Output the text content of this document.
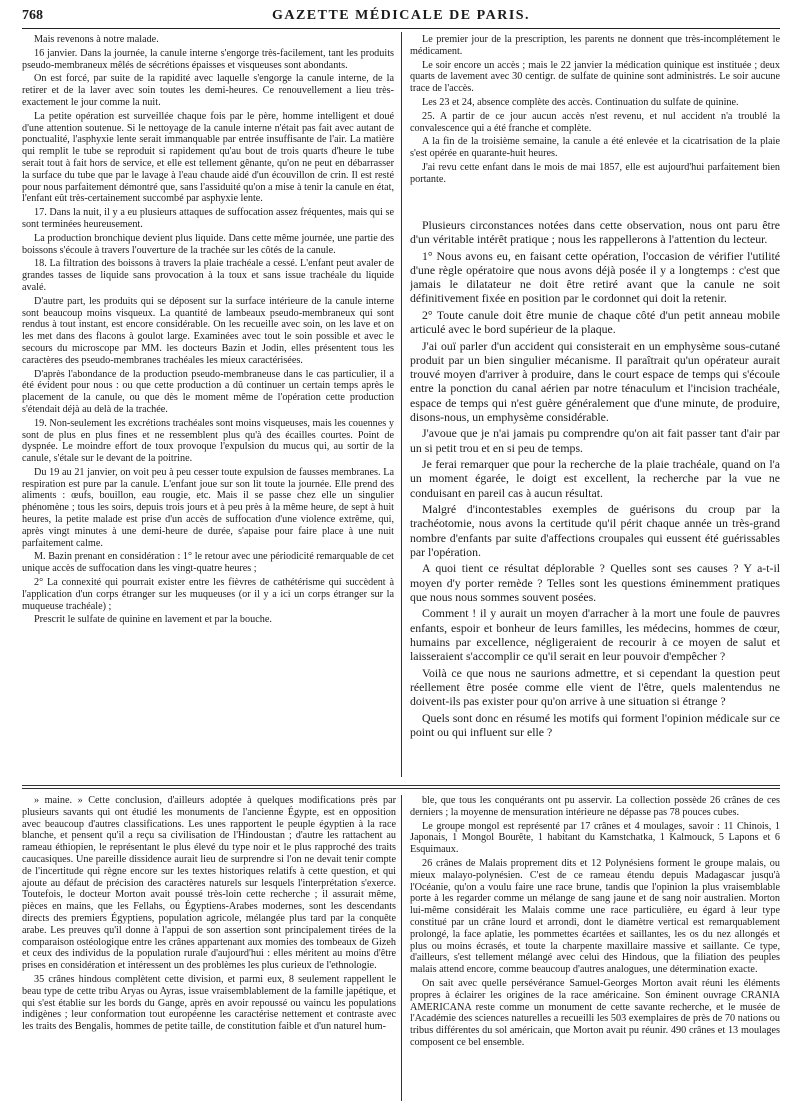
768	GAZETTE MÉDICALE DE PARIS.

Mais revenons à notre malade.

16 janvier. Dans la journée, la canule interne s'engorge très-facilement, tant les produits pseudo-membraneux mêlés de sécrétions épaisses et visqueuses sont abondants.

On est forcé, par suite de la rapidité avec laquelle s'engorge la canule interne, de la retirer et de la laver avec soin toutes les demi-heures. Ce renouvellement a lieu très-exactement le jour comme la nuit.

La petite opération est surveillée chaque fois par le père, homme intelligent et doué d'une attention soutenue. Si le nettoyage de la canule interne n'était pas fait avec autant de ponctualité, l'asphyxie lente serait immanquable par entrée insuffisante de l'air. La matière qui remplit le tube se reproduit si rapidement qu'au bout de trois quarts d'heure le tube serait tout à fait hors de service, et elle est tellement gênante, qu'on ne peut en débarrasser la surface du tube que par le lavage à l'eau chaude aidé d'un écouvillon de crin. Il est resté pour nous parfaitement démontré que, sans l'assiduité qu'on a mise à tenir la canule en état, l'enfant eût très-certainement succombé par asphyxie lente.

17. Dans la nuit, il y a eu plusieurs attaques de suffocation assez fréquentes, mais qui se sont terminées heureusement.

La production bronchique devient plus liquide. Dans cette même journée, une partie des boissons s'écoule à travers l'ouverture de la trachée sur les côtés de la canule.

18. La filtration des boissons à travers la plaie trachéale a cessé. L'enfant peut avaler de grandes tasses de liquide sans provocation à la toux et sans issue trachéale du liquide avalé.

D'autre part, les produits qui se déposent sur la surface intérieure de la canule interne sont beaucoup moins visqueux. La quantité de lambeaux pseudo-membraneux qui sont rendus à tout instant, est encore considérable. On les recueille avec soin, on les lave et on les met dans des flacons à goulot large. Examinées avec tout le soin possible et avec le secours du microscope par MM. les docteurs Bazin et Jodin, elles présentent tous les caractères des pseudo-membranes trachéales les mieux caractérisées.

D'après l'abondance de la production pseudo-membraneuse dans le cas particulier, il a été évident pour nous : ou que cette production a dû continuer un certain temps après le placement de la canule, ou que dès le moment même de l'opération cette production s'étendait déjà au delà de la trachée.

19. Non-seulement les excrétions trachéales sont moins visqueuses, mais les couennes y sont de plus en plus fines et ne ressemblent plus qu'à des écailles courtes. Point de dyspnée. Le moindre effort de toux provoque l'expulsion du mucus qui, au sortir de la canule, s'étale sur le devant de la poitrine.

Du 19 au 21 janvier, on voit peu à peu cesser toute expulsion de fausses membranes. La respiration est pure par la canule. L'enfant joue sur son lit toute la journée. Elle prend des aliments : œufs, bouillon, eau rougie, etc. Mais il se passe chez elle un singulier phénomène ; tous les soirs, depuis trois jours et à peu près à la même heure, de sept à huit heures, la petite malade est prise d'un accès de suffocation d'une violence extrême, qui, après vingt minutes à une demi-heure de durée, s'apaise pour faire place à une nuit parfaitement calme.

M. Bazin prenant en considération : 1° le retour avec une périodicité remarquable de cet unique accès de suffocation dans les vingt-quatre heures ;

2° La connexité qui pourrait exister entre les fièvres de cathétérisme qui succèdent à l'application d'un corps étranger sur les muqueuses (or il y a ici un corps étranger sur la muqueuse trachéale) ;

Prescrit le sulfate de quinine en lavement et par la bouche.

Le premier jour de la prescription, les parents ne donnent que très-incomplétement le médicament.

Le soir encore un accès ; mais le 22 janvier la médication quinique est instituée ; deux quarts de lavement avec 30 centigr. de sulfate de quinine sont administrés. Le soir aucune trace de l'accès.

Les 23 et 24, absence complète des accès. Continuation du sulfate de quinine.

25. A partir de ce jour aucun accès n'est revenu, et nul accident n'a troublé la convalescence qui a été franche et complète.

A la fin de la troisième semaine, la canule a été enlevée et la cicatrisation de la plaie s'est opérée en quarante-huit heures.

J'ai revu cette enfant dans le mois de mai 1857, elle est aujourd'hui parfaitement bien portante.

Plusieurs circonstances notées dans cette observation, nous ont paru être d'un véritable intérêt pratique ; nous les rappellerons à l'attention du lecteur.

1° Nous avons eu, en faisant cette opération, l'occasion de vérifier l'utilité d'une règle opératoire que nous avons déjà posée il y a longtemps : c'est que jamais le dilatateur ne doit être retiré avant que la canule ne soit définitivement fixée en position par le cordonnet qui doit la retenir.

2° Toute canule doit être munie de chaque côté d'un petit anneau mobile articulé avec le bord supérieur de la plaque.

J'ai ouï parler d'un accident qui consisterait en un emphysème sous-cutané produit par un bien singulier mécanisme. Il paraîtrait qu'un opérateur aurait trouvé moyen d'arriver à produire, dans le court espace de temps qui s'écoule entre la ponction du canal aérien par notre ténaculum et l'incision trachéale, espace de temps qui n'est guère généralement que d'une minute, de produire, disons-nous, un emphysème considérable.

J'avoue que je n'ai jamais pu comprendre qu'on ait fait passer tant d'air par un si petit trou et en si peu de temps.

Je ferai remarquer que pour la recherche de la plaie trachéale, quand on l'a un moment égarée, le doigt est excellent, la recherche par la vue ne conduisant en pareil cas à aucun résultat.

Malgré d'incontestables exemples de guérisons du croup par la trachéotomie, nous avons la certitude qu'il périt chaque année un très-grand nombre d'enfants par suite d'affections croupales qui eussent été guérissables par l'opération.

A quoi tient ce résultat déplorable ? Quelles sont ses causes ? Y a-t-il moyen d'y porter remède ? Telles sont les questions éminemment pratiques que nous nous sommes souvent posées.

Comment ! il y aurait un moyen d'arracher à la mort une foule de pauvres enfants, espoir et bonheur de leurs familles, les médecins, hommes de cœur, humains par excellence, négligeraient de recourir à ce moyen de salut et laisseraient s'accomplir ce qu'il serait en leur pouvoir d'empêcher ?

Voilà ce que nous ne saurions admettre, et si cependant la question peut réellement être posée comme elle vient de l'être, quels malentendus ne doivent-ils pas exister pour qu'on arrive à une situation si étrange ?

Quels sont donc en résumé les motifs qui forment l'opinion médicale sur ce point ou qui influent sur elle ?

» maine. » Cette conclusion, d'ailleurs adoptée à quelques modifications près par plusieurs savants qui ont étudié les monuments de l'ancienne Égypte, est en opposition avec beaucoup d'autres classifications. Les unes rapportent le peuple égyptien à la race blanche, et pensent qu'il a reçu sa civilisation de l'Hindoustan ; d'autre les rattachent au rameau éthiopien, le représentant le plus élevé du type noir et le plus rapproché des traits caucasiques. Une pareille dissidence aurait lieu de surprendre si l'on ne devait tenir compte de l'incertitude qui règne encore sur les textes historiques relatifs à cette question, et qui ajoute au défaut de précision des caractères naturels sur lesquels l'interprétation s'exerce. Toutefois, le docteur Morton avait poussé très-loin cette recherche ; il assurait même, pièces en mains, que les Fellahs, ou Égyptiens-Arabes modernes, sont les descendants directs des premiers Égyptiens, population agricole, mélangée plus tard par la conquête arabe. Les preuves qu'il donne à l'appui de son assertion sont principalement tirées de la comparaison ostéologique entre les crânes appartenant aux momies des tombeaux de Gizeh et ceux des individus de la population rurale d'aujourd'hui : elles méritent au moins d'être prises en considération et intéressent un des problèmes les plus curieux de l'ethnologie.

35 crânes hindous complètent cette division, et parmi eux, 8 seulement rappellent le beau type de cette tribu Aryas ou Ayras, issue vraisemblablement de la famille japétique, et qui s'est établie sur les bords du Gange, après en avoir repoussé ou vaincu les populations indigènes ; leur conformation tout européenne les caractérise nettement et contraste avec les traits des Bengalis, hommes de petite taille, de constitution faible et d'un naturel hum-

ble, que tous les conquérants ont pu asservir. La collection possède 26 crânes de ces derniers ; la moyenne de mensuration intérieure ne dépasse pas 78 pouces cubes.

Le groupe mongol est représenté par 17 crânes et 4 moulages, savoir : 11 Chinois, 1 Japonais, 1 Mongol Bourête, 1 habitant du Kamstchatka, 1 Kalmouck, 5 Lapons et 6 Esquimaux.

26 crânes de Malais proprement dits et 12 Polynésiens forment le groupe malais, ou mieux malayo-polynésien. C'est de ce rameau étendu depuis Madagascar jusqu'à l'Océanie, qu'on a voulu faire une race brune, tandis que l'opinion la plus vraisemblable porte à les regarder comme un mélange de sang jaune et de sang noir australien. Morton lui-même considérait les Malais comme une race particulière, eu égard à leur type constitué par un crâne lourd et arrondi, dont le diamètre vertical est remarquablement prolongé, la face aplatie, les pommettes écartées et saillantes, les os du nez allongés et plus ou moins écrasés, et toute la charpente maxillaire massive et saillante. Ce type, d'ailleurs, s'est tellement mélangé avec celui des Hindous, que la filiation des peuples malais attend encore, comme beaucoup d'autres analogues, une détermination exacte.

On sait avec quelle persévérance Samuel-Georges Morton avait réuni les éléments propres à éclairer les origines de la race américaine. Son éminent ouvrage CRANIA AMERICANA reste comme un monument de cette savante recherche, et le musée de l'Académie des sciences naturelles a recueilli les 503 exemplaires de près de 70 nations ou tribus différentes du sol américain, que Morton avait pu réunir. 490 crânes et 13 moulages composent ce bel ensemble.
